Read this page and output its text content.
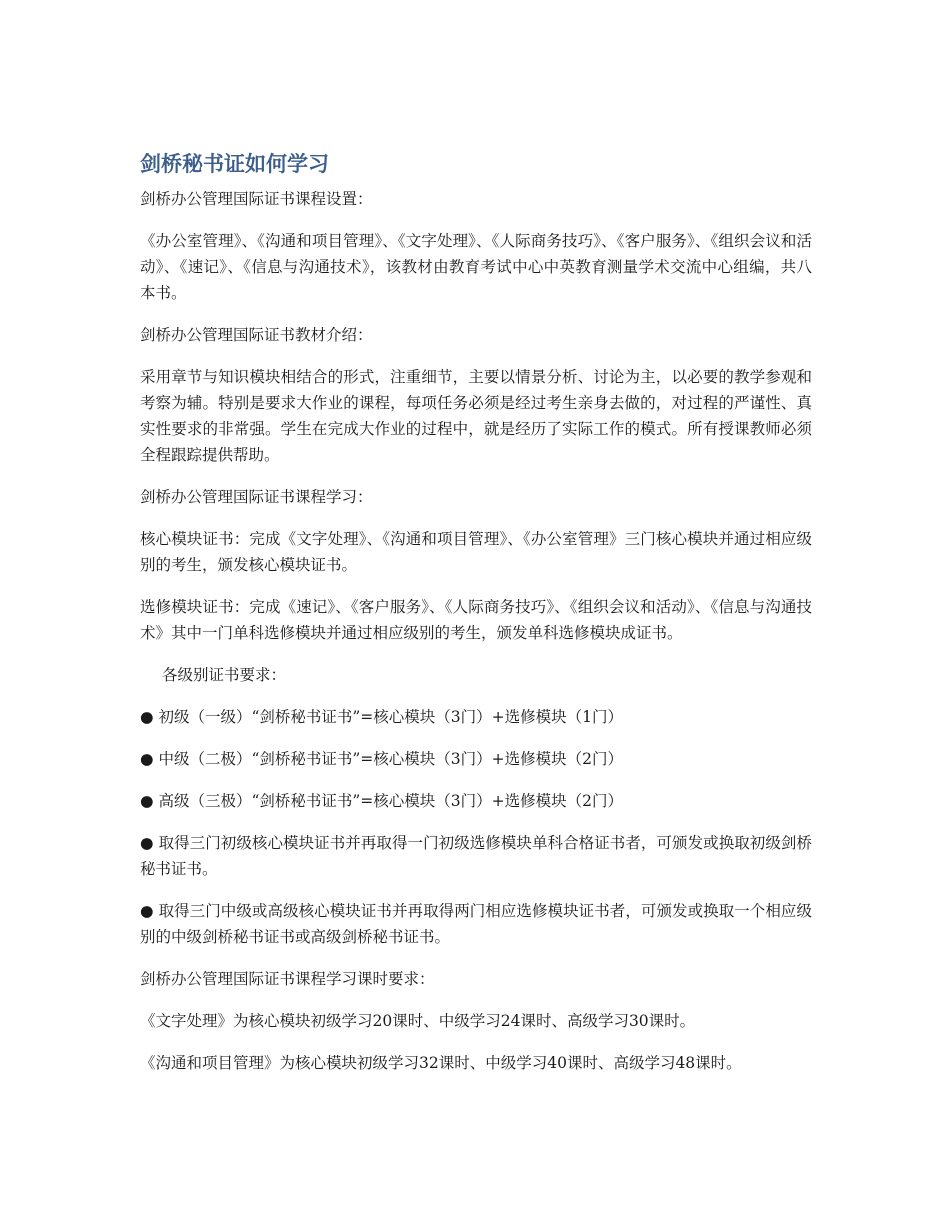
剑桥秘书证如何学习

剑桥办公管理国际证书课程设置：

《办公室管理》、《沟通和项目管理》、《文字处理》、《人际商务技巧》、《客户服务》、《组织会议和活动》、《速记》、《信息与沟通技术》，该教材由教育考试中心中英教育测量学术交流中心组编，共八本书。

剑桥办公管理国际证书教材介绍：

采用章节与知识模块相结合的形式，注重细节，主要以情景分析、讨论为主，以必要的教学参观和考察为辅。特别是要求大作业的课程，每项任务必须是经过考生亲身去做的，对过程的严谨性、真实性要求的非常强。学生在完成大作业的过程中，就是经历了实际工作的模式。所有授课教师必须全程跟踪提供帮助。

剑桥办公管理国际证书课程学习：

核心模块证书：完成《文字处理》、《沟通和项目管理》、《办公室管理》三门核心模块并通过相应级别的考生，颁发核心模块证书。

选修模块证书：完成《速记》、《客户服务》、《人际商务技巧》、《组织会议和活动》、《信息与沟通技术》其中一门单科选修模块并通过相应级别的考生，颁发单科选修模块成证书。

各级别证书要求：

● 初级（一级）“剑桥秘书证书”=核心模块（3门）+选修模块（1门）

● 中级（二极）“剑桥秘书证书”=核心模块（3门）+选修模块（2门）

● 高级（三极）“剑桥秘书证书”=核心模块（3门）+选修模块（2门）

● 取得三门初级核心模块证书并再取得一门初级选修模块单科合格证书者，可颁发或换取初级剑桥秘书证书。

● 取得三门中级或高级核心模块证书并再取得两门相应选修模块证书者，可颁发或换取一个相应级别的中级剑桥秘书证书或高级剑桥秘书证书。

剑桥办公管理国际证书课程学习课时要求：

《文字处理》为核心模块初级学习20课时、中级学习24课时、高级学习30课时。

《沟通和项目管理》为核心模块初级学习32课时、中级学习40课时、高级学习48课时。
